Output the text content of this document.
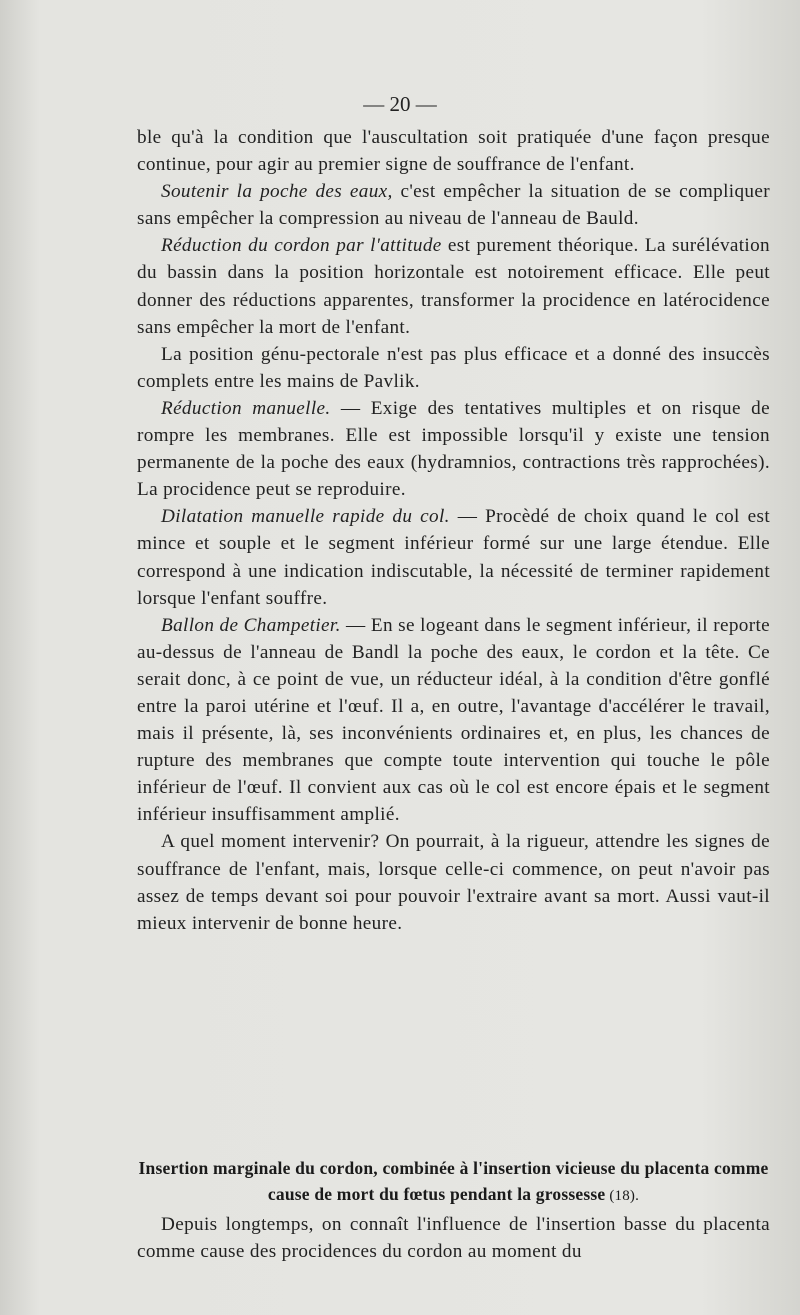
— 20 —

ble qu'à la condition que l'auscultation soit pratiquée d'une façon presque continue, pour agir au premier signe de souffrance de l'enfant.

Soutenir la poche des eaux, c'est empêcher la situation de se compliquer sans empêcher la compression au niveau de l'anneau de Bauld.

Réduction du cordon par l'attitude est purement théorique. La surélévation du bassin dans la position horizontale est notoirement efficace. Elle peut donner des réductions apparentes, transformer la procidence en latérocidence sans empêcher la mort de l'enfant.

La position génu-pectorale n'est pas plus efficace et a donné des insuccès complets entre les mains de Pavlik.

Réduction manuelle. — Exige des tentatives multiples et on risque de rompre les membranes. Elle est impossible lorsqu'il y existe une tension permanente de la poche des eaux (hydramnios, contractions très rapprochées). La procidence peut se reproduire.

Dilatation manuelle rapide du col. — Procèdé de choix quand le col est mince et souple et le segment inférieur formé sur une large étendue. Elle correspond à une indication indiscutable, la nécessité de terminer rapidement lorsque l'enfant souffre.

Ballon de Champetier. — En se logeant dans le segment inférieur, il reporte au-dessus de l'anneau de Bandl la poche des eaux, le cordon et la tête. Ce serait donc, à ce point de vue, un réducteur idéal, à la condition d'être gonflé entre la paroi utérine et l'œuf. Il a, en outre, l'avantage d'accélérer le travail, mais il présente, là, ses inconvénients ordinaires et, en plus, les chances de rupture des membranes que compte toute intervention qui touche le pôle inférieur de l'œuf. Il convient aux cas où le col est encore épais et le segment inférieur insuffisamment amplié.

A quel moment intervenir? On pourrait, à la rigueur, attendre les signes de souffrance de l'enfant, mais, lorsque celle-ci commence, on peut n'avoir pas assez de temps devant soi pour pouvoir l'extraire avant sa mort. Aussi vaut-il mieux intervenir de bonne heure.

Insertion marginale du cordon, combinée à l'insertion vicieuse du placenta comme cause de mort du fœtus pendant la grossesse (18).
Depuis longtemps, on connaît l'influence de l'insertion basse du placenta comme cause des procidences du cordon au moment du
